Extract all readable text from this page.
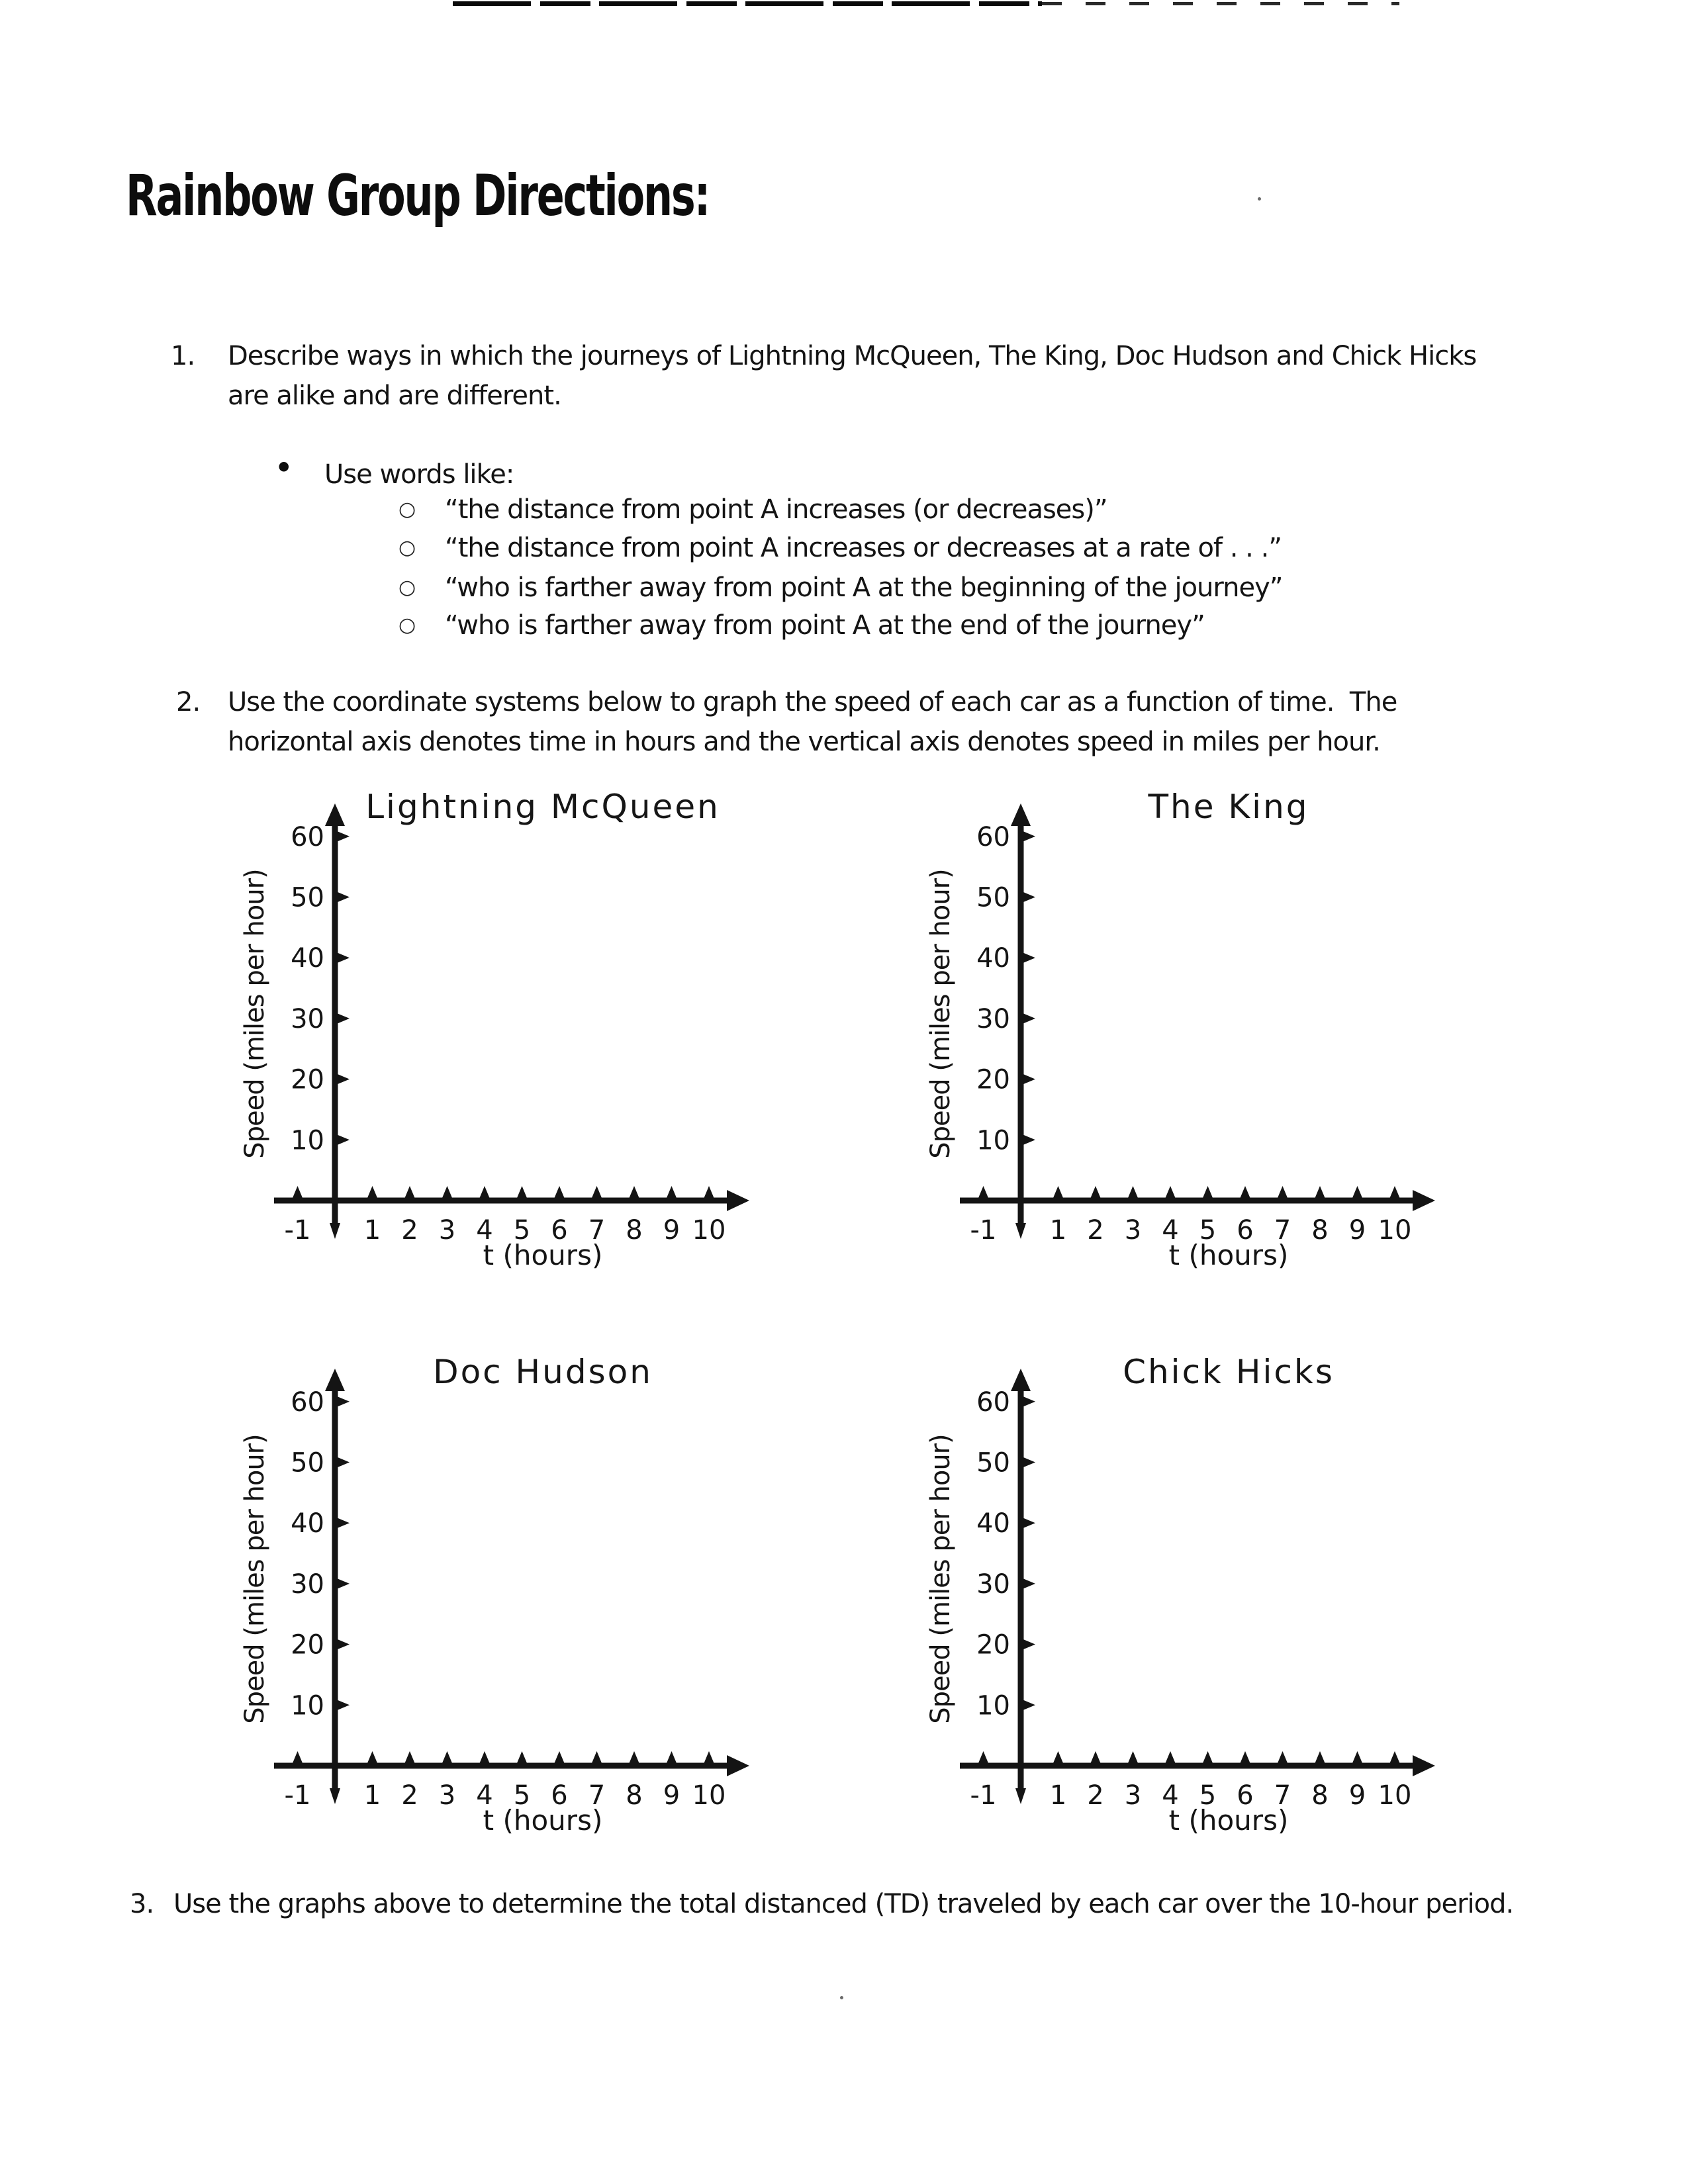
Rainbow Group Directions:
1. Describe ways in which the journeys of Lightning McQueen, The King, Doc Hudson and Chick Hicks
are alike and are different.
• Use words like:
○ “the distance from point A increases (or decreases)”
○ “the distance from point A increases or decreases at a rate of . . .”
○ “who is farther away from point A at the beginning of the journey”
○ “who is farther away from point A at the end of the journey”
2. Use the coordinate systems below to graph the speed of each car as a function of time.  The
horizontal axis denotes time in hours and the vertical axis denotes speed in miles per hour.
Lightning McQueen
Speed (miles per hour)
-1 1 2 3 4 5 6 7 8 9 10
10
20
30
40
50
60
t (hours)
The King
Speed (miles per hour)
-1 1 2 3 4 5 6 7 8 9 10
10
20
30
40
50
60
t (hours)
Doc Hudson
Speed (miles per hour)
-1 1 2 3 4 5 6 7 8 9 10
10
20
30
40
50
60
t (hours)
Chick Hicks
Speed (miles per hour)
-1 1 2 3 4 5 6 7 8 9 10
10
20
30
40
50
60
t (hours)
3. Use the graphs above to determine the total distanced (TD) traveled by each car over the 10-hour period.
